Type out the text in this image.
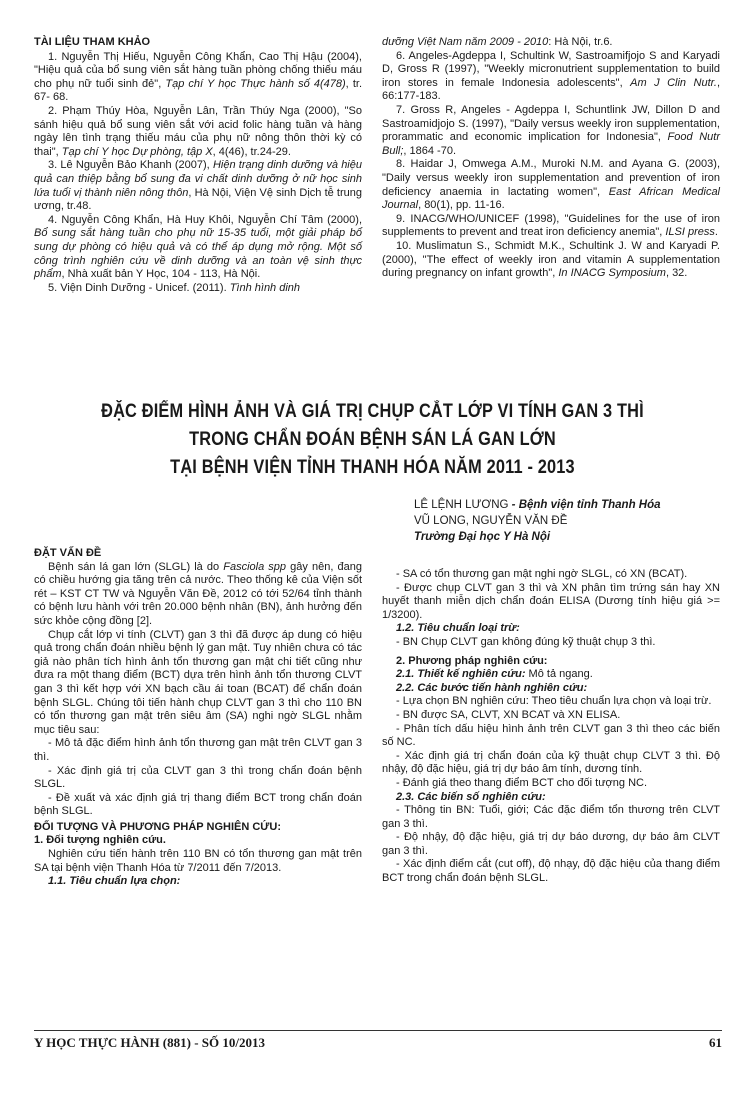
TÀI LIỆU THAM KHẢO

1. Nguyễn Thị Hiếu, Nguyễn Công Khẩn, Cao Thị Hậu (2004), "Hiệu quả của bổ sung viên sắt hàng tuần phòng chống thiếu máu cho phụ nữ tuổi sinh đẻ", Tạp chí Y học Thực hành số 4(478), tr. 67- 68.

2. Phạm Thúy Hòa, Nguyễn Lân, Trần Thúy Nga (2000), "So sánh hiệu quả bổ sung viên sắt với acid folic hàng tuần và hàng ngày lên tình trạng thiếu máu của phụ nữ nông thôn thời kỳ có thai", Tạp chí Y học Dự phòng, tập X, 4(46), tr.24-29.

3. Lê Nguyễn Bảo Khanh (2007), Hiện trạng dinh dưỡng và hiệu quả can thiệp bằng bổ sung đa vi chất dinh dưỡng ở nữ học sinh lứa tuổi vị thành niên nông thôn, Hà Nội, Viện Vệ sinh Dịch tễ trung ương, tr.48.

4. Nguyễn Công Khẩn, Hà Huy Khôi, Nguyễn Chí Tâm (2000), Bổ sung sắt hàng tuần cho phụ nữ 15-35 tuổi, một giải pháp bổ sung dự phòng có hiệu quả và có thể áp dụng mở rộng. Một số công trình nghiên cứu về dinh dưỡng và an toàn vệ sinh thực phẩm, Nhà xuất bản Y Học, 104 - 113, Hà Nội.

5. Viện Dinh Dưỡng - Unicef. (2011). Tình hình dinh

dưỡng Việt Nam năm 2009 - 2010: Hà Nội, tr.6.

6. Angeles-Agdeppa I, Schultink W, Sastroamifjojo S and Karyadi D, Gross R (1997), "Weekly micronutrient supplementation to build iron stores in female Indonesia adolescents", Am J Clin Nutr., 66:177-183.

7. Gross R, Angeles - Agdeppa I, Schuntlink JW, Dillon D and Sastroamidjojo S. (1997), "Daily versus weekly iron supplementation, prorammatic and economic implication for Indonesia", Food Nutr Bull;, 1864 -70.

8. Haidar J, Omwega A.M., Muroki N.M. and Ayana G. (2003), "Daily versus weekly iron supplementation and prevention of iron deficiency anaemia in lactating women", East African Medical Journal, 80(1), pp. 11-16.

9. INACG/WHO/UNICEF (1998), "Guidelines for the use of iron supplements to prevent and treat iron deficiency anemia", ILSI press.

10. Muslimatun S., Schmidt M.K., Schultink J. W and Karyadi P. (2000), "The effect of weekly iron and vitamin A supplementation during pregnancy on infant growth", In INACG Symposium, 32.

ĐẶC ĐIỂM HÌNH ẢNH VÀ GIÁ TRỊ CHỤP CẮT LỚP VI TÍNH GAN 3 THÌ
TRONG CHẨN ĐOÁN BỆNH SÁN LÁ GAN LỚN
TẠI BỆNH VIỆN TỈNH THANH HÓA NĂM 2011 - 2013
LÊ LỆNH LƯƠNG - Bệnh viện tỉnh Thanh Hóa
VŨ LONG, NGUYỄN VĂN ĐỀ
Trường Đại học Y Hà Nội

ĐẶT VẤN ĐỀ

Bệnh sán lá gan lớn (SLGL) là do Fasciola spp gây nên, đang có chiều hướng gia tăng trên cả nước. Theo thống kê của Viện sốt rét – KST CT TW và Nguyễn Văn Đề, 2012 có tới 52/64 tỉnh thành có bệnh lưu hành với trên 20.000 bệnh nhân (BN), ảnh hưởng đến sức khỏe cộng đồng [2].

Chụp cắt lớp vi tính (CLVT) gan 3 thì đã được áp dung có hiệu quả trong chẩn đoán nhiều bệnh lý gan mật. Tuy nhiên chưa có tác giả nào phân tích hình ảnh tổn thương gan mật chi tiết cũng như đưa ra một thang điểm (BCT) dựa trên hình ảnh tổn thương CLVT gan 3 thì kết hợp với XN bạch cầu ái toan (BCAT) để chẩn đoán bệnh SLGL. Chúng tôi tiến hành chụp CLVT gan 3 thì cho 110 BN có tổn thương gan mật trên siêu âm (SA) nghi ngờ SLGL nhằm mục tiêu sau:

- Mô tả đặc điểm hình ảnh tổn thương gan mật trên CLVT gan 3 thì.

- Xác định giá trị của CLVT gan 3 thì trong chẩn đoán bệnh SLGL.

- Đề xuất và xác định giá trị thang điểm BCT trong chẩn đoán bệnh SLGL.

ĐỐI TƯỢNG VÀ PHƯƠNG PHÁP NGHIÊN CỨU:

1. Đối tượng nghiên cứu.

Nghiên cứu tiến hành trên 110 BN có tổn thương gan mật trên SA tại bệnh viện Thanh Hóa từ 7/2011 đến 7/2013.

1.1. Tiêu chuẩn lựa chọn:

- SA có tổn thương gan mật nghi ngờ SLGL, có XN (BCAT).

- Được chụp CLVT gan 3 thì và XN phân tìm trứng sán hay XN huyết thanh miễn dịch chẩn đoán ELISA (Dương tính hiệu giá >= 1/3200).

1.2. Tiêu chuẩn loại trừ:

- BN Chụp CLVT gan không đúng kỹ thuật chụp 3 thì.

2. Phương pháp nghiên cứu:

2.1. Thiết kế nghiên cứu: Mô tả ngang.

2.2. Các bước tiến hành nghiên cứu:

- Lựa chọn BN nghiên cứu: Theo tiêu chuẩn lựa chọn và loại trừ.

- BN được SA, CLVT, XN BCAT và XN ELISA.

- Phân tích dấu hiệu hình ảnh trên CLVT gan 3 thì theo các biến số NC.

- Xác định giá trị chẩn đoán của kỹ thuật chụp CLVT 3 thì. Độ nhậy, độ đặc hiệu, giá trị dự báo âm tính, dương tính.

- Đánh giá theo thang điểm BCT cho đối tượng NC.

2.3. Các biến số nghiên cứu:

- Thông tin BN: Tuổi, giới; Các đặc điểm tổn thương trên CLVT gan 3 thì.

- Độ nhậy, độ đặc hiệu, giá trị dự báo dương, dự báo âm CLVT gan 3 thì.

- Xác định điểm cắt (cut off), độ nhạy, độ đặc hiệu của thang điểm BCT trong chẩn đoán bệnh SLGL.

Y HỌC THỰC HÀNH (881) - SỐ 10/2013	61
